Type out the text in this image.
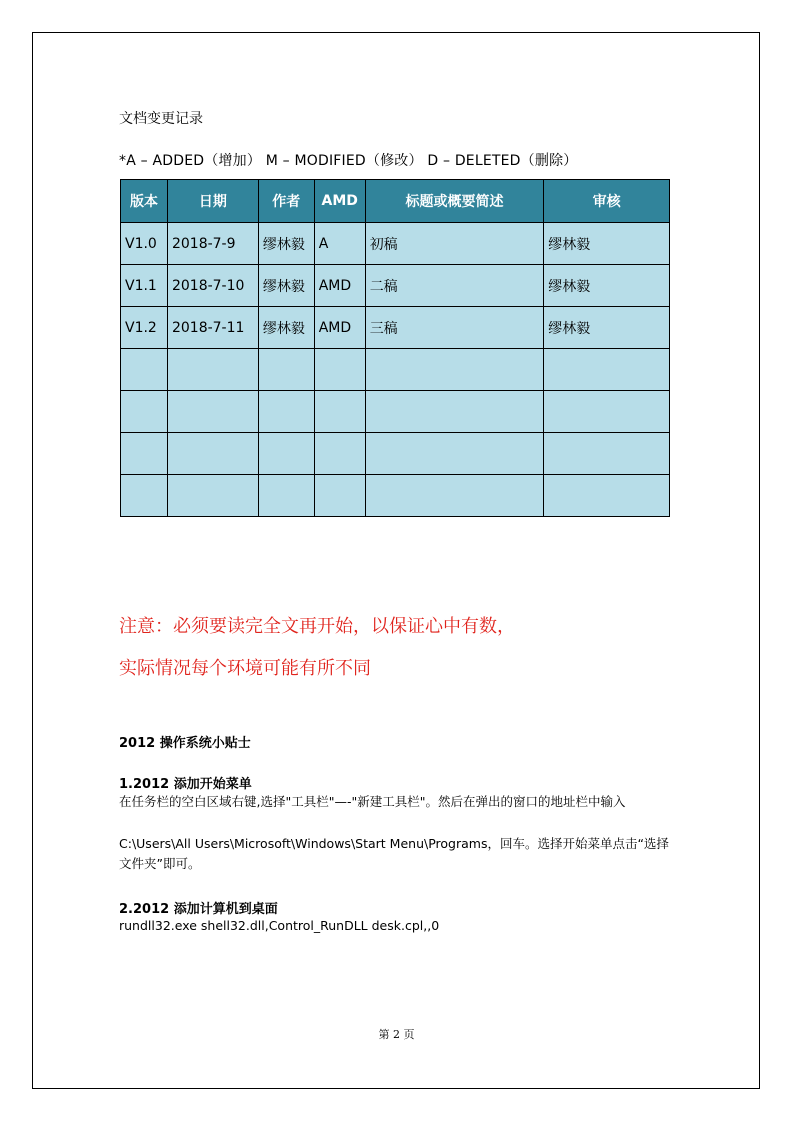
文档变更记录
*A – ADDED（增加） M – MODIFIED（修改） D – DELETED（删除）
版本	日期	作者	AMD	标题或概要简述	审核
V1.0	2018-7-9	缪林毅	A	初稿	缪林毅
V1.1	2018-7-10	缪林毅	AMD	二稿	缪林毅
V1.2	2018-7-11	缪林毅	AMD	三稿	缪林毅

注意：必须要读完全文再开始，以保证心中有数，
实际情况每个环境可能有所不同
2012 操作系统小贴士
1.2012 添加开始菜单
在任务栏的空白区域右键,选择"工具栏"—-"新建工具栏"。然后在弹出的窗口的地址栏中输入
C:\Users\All Users\Microsoft\Windows\Start Menu\Programs，回车。选择开始菜单点击“选择文件夹”即可。
2.2012 添加计算机到桌面
rundll32.exe shell32.dll,Control_RunDLL desk.cpl,,0
第 2 页
